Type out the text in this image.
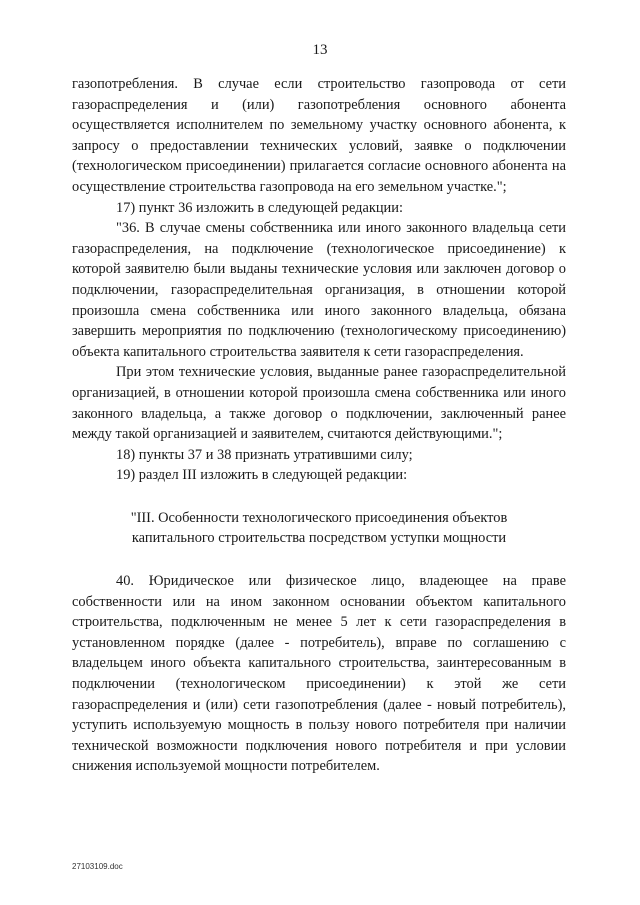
13

газопотребления. В случае если строительство газопровода от сети газораспределения и (или) газопотребления основного абонента осуществляется исполнителем по земельному участку основного абонента, к запросу о предоставлении технических условий, заявке о подключении (технологическом присоединении) прилагается согласие основного абонента на осуществление строительства газопровода на его земельном участке.";

17) пункт 36 изложить в следующей редакции:

"36. В случае смены собственника или иного законного владельца сети газораспределения, на подключение (технологическое присоединение) к которой заявителю были выданы технические условия или заключен договор о подключении, газораспределительная организация, в отношении которой произошла смена собственника или иного законного владельца, обязана завершить мероприятия по подключению (технологическому присоединению) объекта капитального строительства заявителя к сети газораспределения.

При этом технические условия, выданные ранее газораспределительной организацией, в отношении которой произошла смена собственника или иного законного владельца, а также договор о подключении, заключенный ранее между такой организацией и заявителем, считаются действующими.";

18) пункты 37 и 38 признать утратившими силу;

19) раздел III изложить в следующей редакции:

"III. Особенности технологического присоединения объектов
капитального строительства посредством уступки мощности

40. Юридическое или физическое лицо, владеющее на праве собственности или на ином законном основании объектом капитального строительства, подключенным не менее 5 лет к сети газораспределения в установленном порядке (далее - потребитель), вправе по соглашению с владельцем иного объекта капитального строительства, заинтересованным в подключении (технологическом присоединении) к этой же сети газораспределения и (или) сети газопотребления (далее - новый потребитель), уступить используемую мощность в пользу нового потребителя при наличии технической возможности подключения нового потребителя и при условии снижения используемой мощности потребителем.

27103109.doc
